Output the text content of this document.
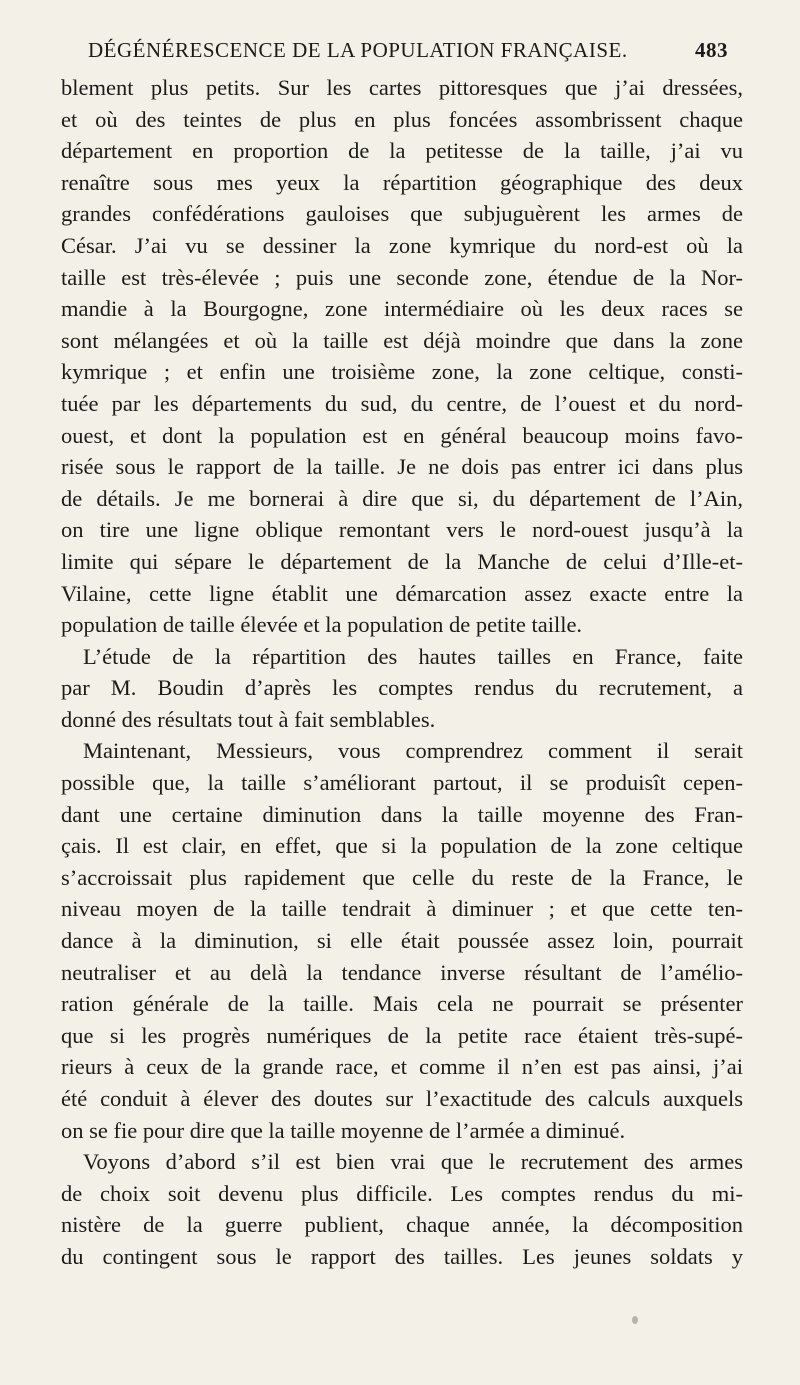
DÉGÉNÉRESCENCE DE LA POPULATION FRANÇAISE.	483
blement plus petits. Sur les cartes pittoresques que j’ai dressées,
et où des teintes de plus en plus foncées assombrissent chaque
département en proportion de la petitesse de la taille, j’ai vu
renaître sous mes yeux la répartition géographique des deux
grandes confédérations gauloises que subjuguèrent les armes de
César. J’ai vu se dessiner la zone kymrique du nord-est où la
taille est très-élevée ; puis une seconde zone, étendue de la Nor-
mandie à la Bourgogne, zone intermédiaire où les deux races se
sont mélangées et où la taille est déjà moindre que dans la zone
kymrique ; et enfin une troisième zone, la zone celtique, consti-
tuée par les départements du sud, du centre, de l’ouest et du nord-
ouest, et dont la population est en général beaucoup moins favo-
risée sous le rapport de la taille. Je ne dois pas entrer ici dans plus
de détails. Je me bornerai à dire que si, du département de l’Ain,
on tire une ligne oblique remontant vers le nord-ouest jusqu’à la
limite qui sépare le département de la Manche de celui d’Ille-et-
Vilaine, cette ligne établit une démarcation assez exacte entre la
population de taille élevée et la population de petite taille.
L’étude de la répartition des hautes tailles en France, faite
par M. Boudin d’après les comptes rendus du recrutement, a
donné des résultats tout à fait semblables.
Maintenant, Messieurs, vous comprendrez comment il serait
possible que, la taille s’améliorant partout, il se produisît cepen-
dant une certaine diminution dans la taille moyenne des Fran-
çais. Il est clair, en effet, que si la population de la zone celtique
s’accroissait plus rapidement que celle du reste de la France, le
niveau moyen de la taille tendrait à diminuer ; et que cette ten-
dance à la diminution, si elle était poussée assez loin, pourrait
neutraliser et au delà la tendance inverse résultant de l’amélio-
ration générale de la taille. Mais cela ne pourrait se présenter
que si les progrès numériques de la petite race étaient très-supé-
rieurs à ceux de la grande race, et comme il n’en est pas ainsi, j’ai
été conduit à élever des doutes sur l’exactitude des calculs auxquels
on se fie pour dire que la taille moyenne de l’armée a diminué.
Voyons d’abord s’il est bien vrai que le recrutement des armes
de choix soit devenu plus difficile. Les comptes rendus du mi-
nistère de la guerre publient, chaque année, la décomposition
du contingent sous le rapport des tailles. Les jeunes soldats y
